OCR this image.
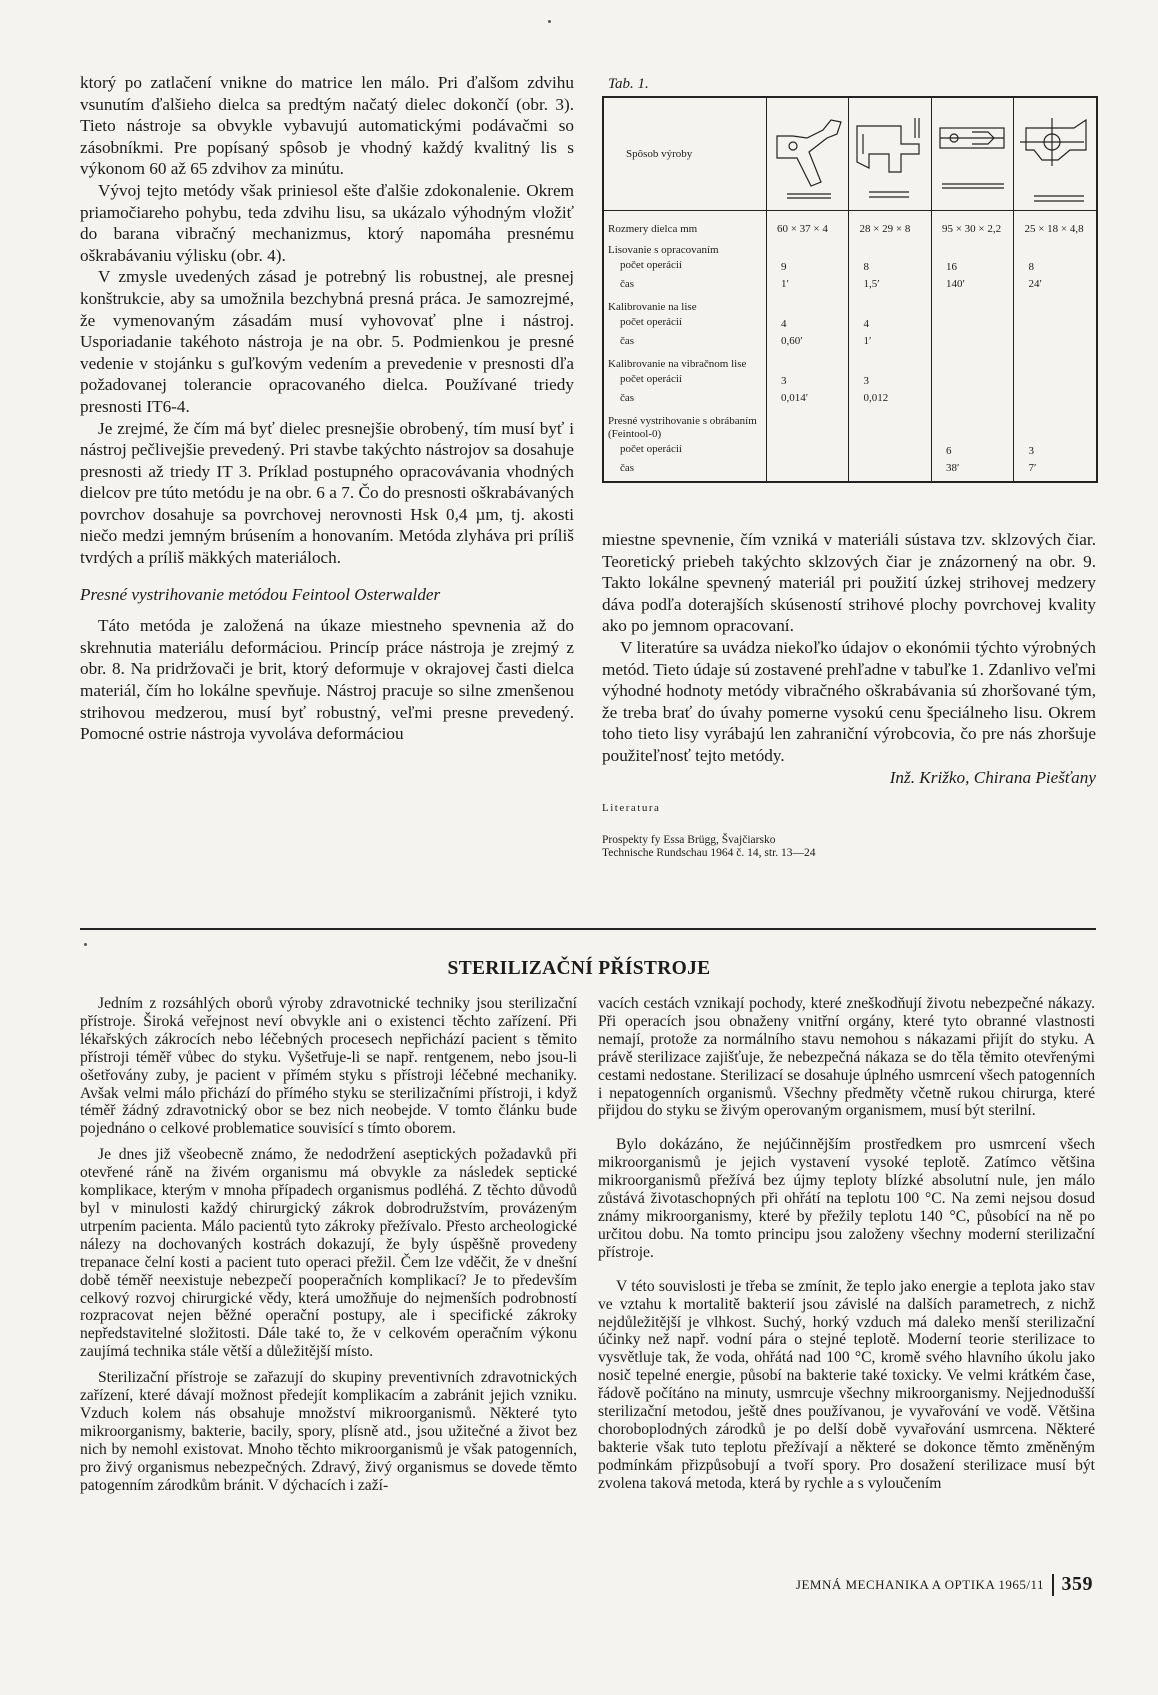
ktorý po zatlačení vnikne do matrice len málo. Pri ďalšom zdvihu vsunutím ďalšieho dielca sa predtým načatý dielec dokončí (obr. 3). Tieto nástroje sa obvykle vybavujú automatickými podávačmi so zásobníkmi. Pre popísaný spôsob je vhodný každý kvalitný lis s výkonom 60 až 65 zdvihov za minútu.

Vývoj tejto metódy však priniesol ešte ďalšie zdokonalenie. Okrem priamočiareho pohybu, teda zdvihu lisu, sa ukázalo výhodným vložiť do barana vibračný mechanizmus, ktorý napomáha presnému oškrabávaniu výlisku (obr. 4).

V zmysle uvedených zásad je potrebný lis robustnej, ale presnej konštrukcie, aby sa umožnila bezchybná presná práca. Je samozrejmé, že vymenovaným zásadám musí vyhovovať plne i nástroj. Usporiadanie takéhoto nástroja je na obr. 5. Podmienkou je presné vedenie v stojánku s guľkovým vedením a prevedenie v presnosti dľa požadovanej tolerancie opracovaného dielca. Používané triedy presnosti IT6-4.

Je zrejmé, že čím má byť dielec presnejšie obrobený, tím musí byť i nástroj pečlivejšie prevedený. Pri stavbe takýchto nástrojov sa dosahuje presnosti až triedy IT 3. Príklad postupného opracovávania vhodných dielcov pre túto metódu je na obr. 6 a 7. Čo do presnosti oškrabávaných povrchov dosahuje sa povrchovej nerovnosti Hsk 0,4 µm, tj. akosti niečo medzi jemným brúsením a honovaním. Metóda zlyháva pri príliš tvrdých a príliš mäkkých materiáloch.

Presné vystrihovanie metódou Feintool Osterwalder

Táto metóda je založená na úkaze miestneho spevnenia až do skrehnutia materiálu deformáciou. Princíp práce nástroja je zrejmý z obr. 8. Na pridržovači je brit, ktorý deformuje v okrajovej časti dielca materiál, čím ho lokálne spevňuje. Nástroj pracuje so silne zmenšenou strihovou medzerou, musí byť robustný, veľmi presne prevedený. Pomocné ostrie nástroja vyvoláva deformáciou

Tab. 1.
Spôsob výroby				
Rozmery dielca mm	60 × 37 × 4	28 × 29 × 8	95 × 30 × 2,2	25 × 18 × 4,8
Lisovanie s opracovaním				
počet operácií	9	8	16	8
čas	1′	1,5′	140′	24′
Kalibrovanie na lise				
počet operácií	4	4		
čas	0,60′	1′		
Kalibrovanie na vibračnom lise				
počet operácií	3	3		
čas	0,014′	0,012		
Presné vystrihovanie s obrábaním (Feintool-0)				
počet operácií			6	3
čas			38′	7′

miestne spevnenie, čím vzniká v materiáli sústava tzv. sklzových čiar. Teoretický priebeh takýchto sklzových čiar je znázornený na obr. 9. Takto lokálne spevnený materiál pri použití úzkej strihovej medzery dáva podľa doterajších skúseností strihové plochy povrchovej kvality ako po jemnom opracovaní.

V literatúre sa uvádza niekoľko údajov o ekonómii týchto výrobných metód. Tieto údaje sú zostavené prehľadne v tabuľke 1. Zdanlivo veľmi výhodné hodnoty metódy vibračného oškrabávania sú zhoršované tým, že treba brať do úvahy pomerne vysokú cenu špeciálneho lisu. Okrem toho tieto lisy vyrábajú len zahraniční výrobcovia, čo pre nás zhoršuje použiteľnosť tejto metódy.

Inž. Križko, Chirana Piešťany

Literatura

Prospekty fy Essa Brügg, Švajčiarsko
Technische Rundschau 1964 č. 14, str. 13—24

STERILIZAČNÍ PŘÍSTROJE

Jedním z rozsáhlých oborů výroby zdravotnické techniky jsou sterilizační přístroje. Široká veřejnost neví obvykle ani o existenci těchto zařízení. Při lékařských zákrocích nebo léčebných procesech nepřichází pacient s těmito přístroji téměř vůbec do styku. Vyšetřuje-li se např. rentgenem, nebo jsou-li ošetřovány zuby, je pacient v přímém styku s přístroji léčebné mechaniky. Avšak velmi málo přichází do přímého styku se sterilizačními přístroji, i když téměř žádný zdravotnický obor se bez nich neobejde. V tomto článku bude pojednáno o celkové problematice souvisící s tímto oborem.

Je dnes již všeobecně známo, že nedodržení aseptických požadavků při otevřené ráně na živém organismu má obvykle za následek septické komplikace, kterým v mnoha případech organismus podléhá. Z těchto důvodů byl v minulosti každý chirurgický zákrok dobrodružstvím, provázeným utrpením pacienta. Málo pacientů tyto zákroky přežívalo. Přesto archeologické nálezy na dochovaných kostrách dokazují, že byly úspěšně provedeny trepanace čelní kosti a pacient tuto operaci přežil. Čem lze vděčit, že v dnešní době téměř neexistuje nebezpečí pooperačních komplikací? Je to především celkový rozvoj chirurgické vědy, která umožňuje do nejmenších podrobností rozpracovat nejen běžné operační postupy, ale i specifické zákroky nepředstavitelné složitosti. Dále také to, že v celkovém operačním výkonu zaujímá technika stále větší a důležitější místo.

Sterilizační přístroje se zařazují do skupiny preventivních zdravotnických zařízení, které dávají možnost předejít komplikacím a zabránit jejich vzniku. Vzduch kolem nás obsahuje množství mikroorganismů. Některé tyto mikroorganismy, bakterie, bacily, spory, plísně atd., jsou užitečné a život bez nich by nemohl existovat. Mnoho těchto mikroorganismů je však patogenních, pro živý organismus nebezpečných. Zdravý, živý organismus se dovede těmto patogenním zárodkům bránit. V dýchacích i zaží-

vacích cestách vznikají pochody, které zneškodňují životu nebezpečné nákazy. Při operacích jsou obnaženy vnitřní orgány, které tyto obranné vlastnosti nemají, protože za normálního stavu nemohou s nákazami přijít do styku. A právě sterilizace zajišťuje, že nebezpečná nákaza se do těla těmito otevřenými cestami nedostane. Sterilizací se dosahuje úplného usmrcení všech patogenních i nepatogenních organismů. Všechny předměty včetně rukou chirurga, které přijdou do styku se živým operovaným organismem, musí být sterilní.

Bylo dokázáno, že nejúčinnějším prostředkem pro usmrcení všech mikroorganismů je jejich vystavení vysoké teplotě. Zatímco většina mikroorganismů přežívá bez újmy teploty blízké absolutní nule, jen málo zůstává životaschopných při ohřátí na teplotu 100 °C. Na zemi nejsou dosud známy mikroorganismy, které by přežily teplotu 140 °C, působící na ně po určitou dobu. Na tomto principu jsou založeny všechny moderní sterilizační přístroje.

V této souvislosti je třeba se zmínit, že teplo jako energie a teplota jako stav ve vztahu k mortalitě bakterií jsou závislé na dalších parametrech, z nichž nejdůležitější je vlhkost. Suchý, horký vzduch má daleko menší sterilizační účinky než např. vodní pára o stejné teplotě. Moderní teorie sterilizace to vysvětluje tak, že voda, ohřátá nad 100 °C, kromě svého hlavního úkolu jako nosič tepelné energie, působí na bakterie také toxicky. Ve velmi krátkém čase, řádově počítáno na minuty, usmrcuje všechny mikroorganismy. Nejjednodušší sterilizační metodou, ještě dnes používanou, je vyvařování ve vodě. Většina choroboplodných zárodků je po delší době vyvařování usmrcena. Některé bakterie však tuto teplotu přežívají a některé se dokonce těmto změněným podmínkám přizpůsobují a tvoří spory. Pro dosažení sterilizace musí být zvolena taková metoda, která by rychle a s vyloučením

JEMNÁ MECHANIKA A OPTIKA 1965/11 359
